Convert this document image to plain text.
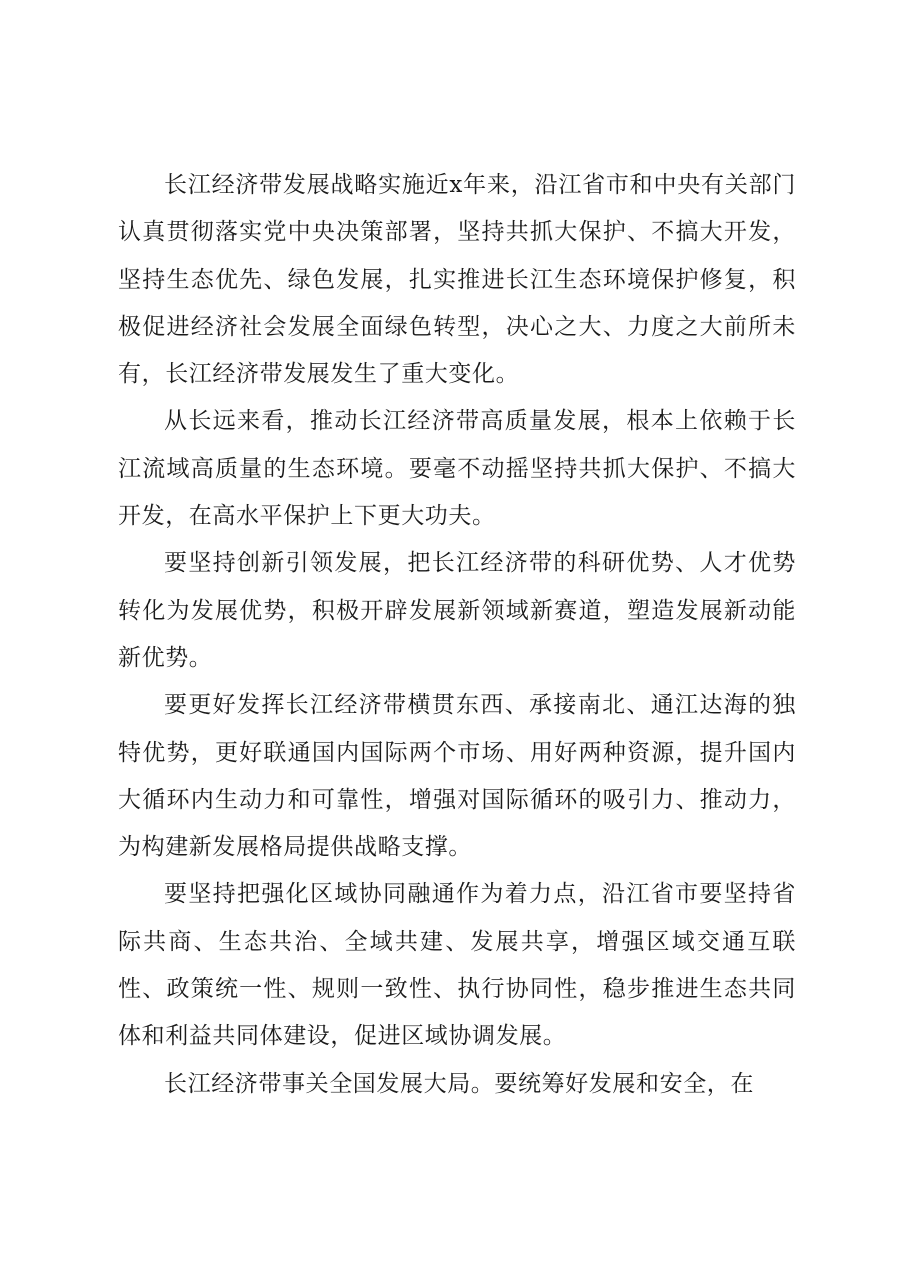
长江经济带发展战略实施近x年来，沿江省市和中央有关部门认真贯彻落实党中央决策部署，坚持共抓大保护、不搞大开发，坚持生态优先、绿色发展，扎实推进长江生态环境保护修复，积极促进经济社会发展全面绿色转型，决心之大、力度之大前所未有，长江经济带发展发生了重大变化。

从长远来看，推动长江经济带高质量发展，根本上依赖于长江流域高质量的生态环境。要毫不动摇坚持共抓大保护、不搞大开发，在高水平保护上下更大功夫。

要坚持创新引领发展，把长江经济带的科研优势、人才优势转化为发展优势，积极开辟发展新领域新赛道，塑造发展新动能新优势。

要更好发挥长江经济带横贯东西、承接南北、通江达海的独特优势，更好联通国内国际两个市场、用好两种资源，提升国内大循环内生动力和可靠性，增强对国际循环的吸引力、推动力，为构建新发展格局提供战略支撑。

要坚持把强化区域协同融通作为着力点，沿江省市要坚持省际共商、生态共治、全域共建、发展共享，增强区域交通互联性、政策统一性、规则一致性、执行协同性，稳步推进生态共同体和利益共同体建设，促进区域协调发展。

长江经济带事关全国发展大局。要统筹好发展和安全，在
